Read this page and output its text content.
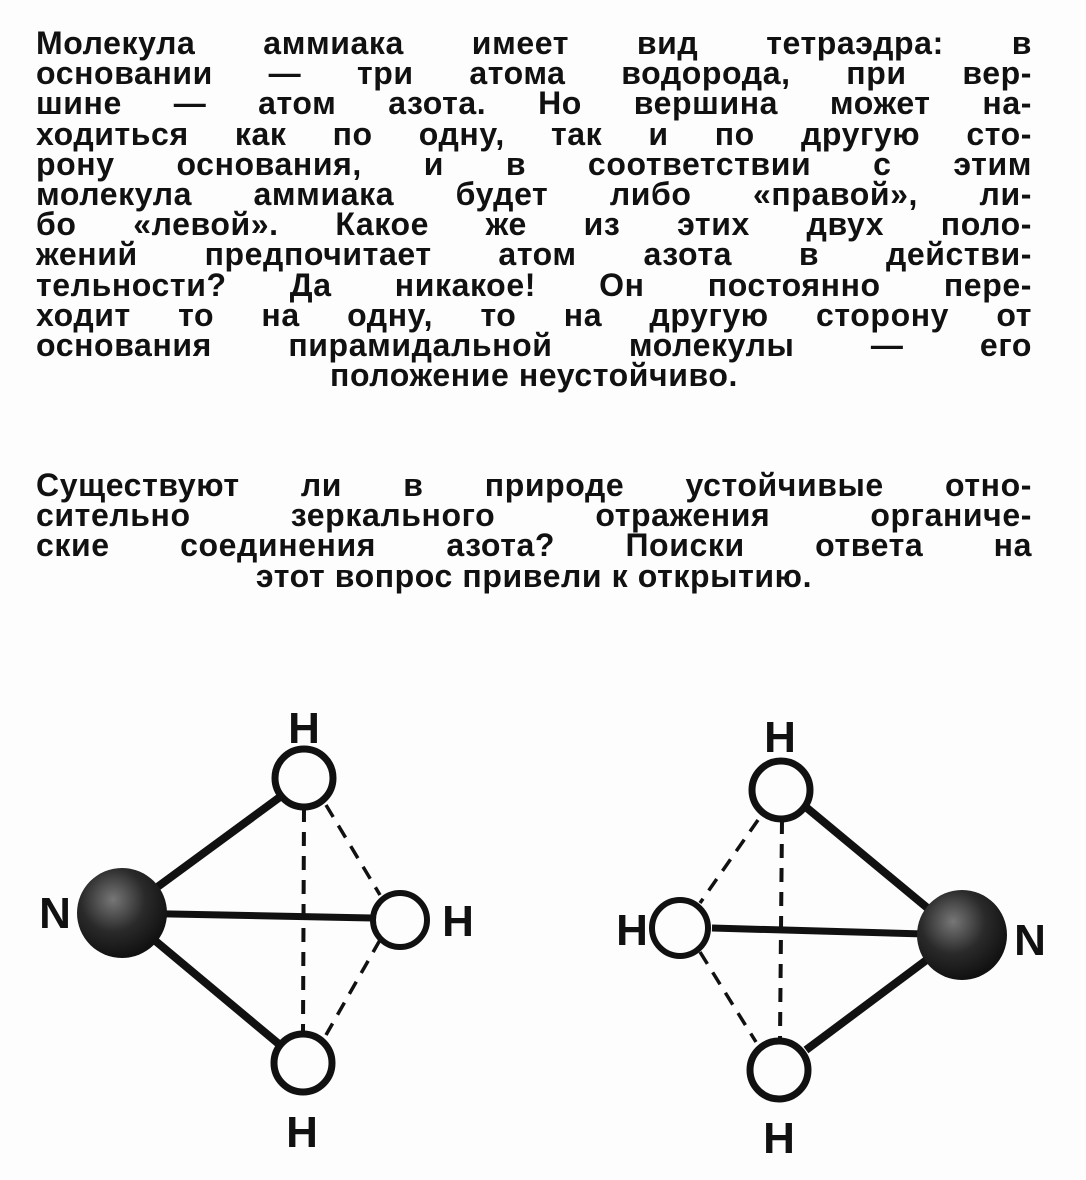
Молекула аммиака имеет вид тетраэдра: в
основании — три атома водорода, при вер-
шине — атом азота. Но вершина может на-
ходиться как по одну, так и по другую сто-
рону основания, и в соответствии с этим
молекула аммиака будет либо «правой», ли-
бо «левой». Какое же из этих двух поло-
жений предпочитает атом азота в действи-
тельности? Да никакое! Он постоянно пере-
ходит то на одну, то на другую сторону от
основания пирамидальной молекулы — его
положение неустойчиво.
Существуют ли в природе устойчивые отно-
сительно зеркального отражения органиче-
ские соединения азота? Поиски ответа на
этот вопрос привели к открытию.
N
H
H
H
N
H
H
H
